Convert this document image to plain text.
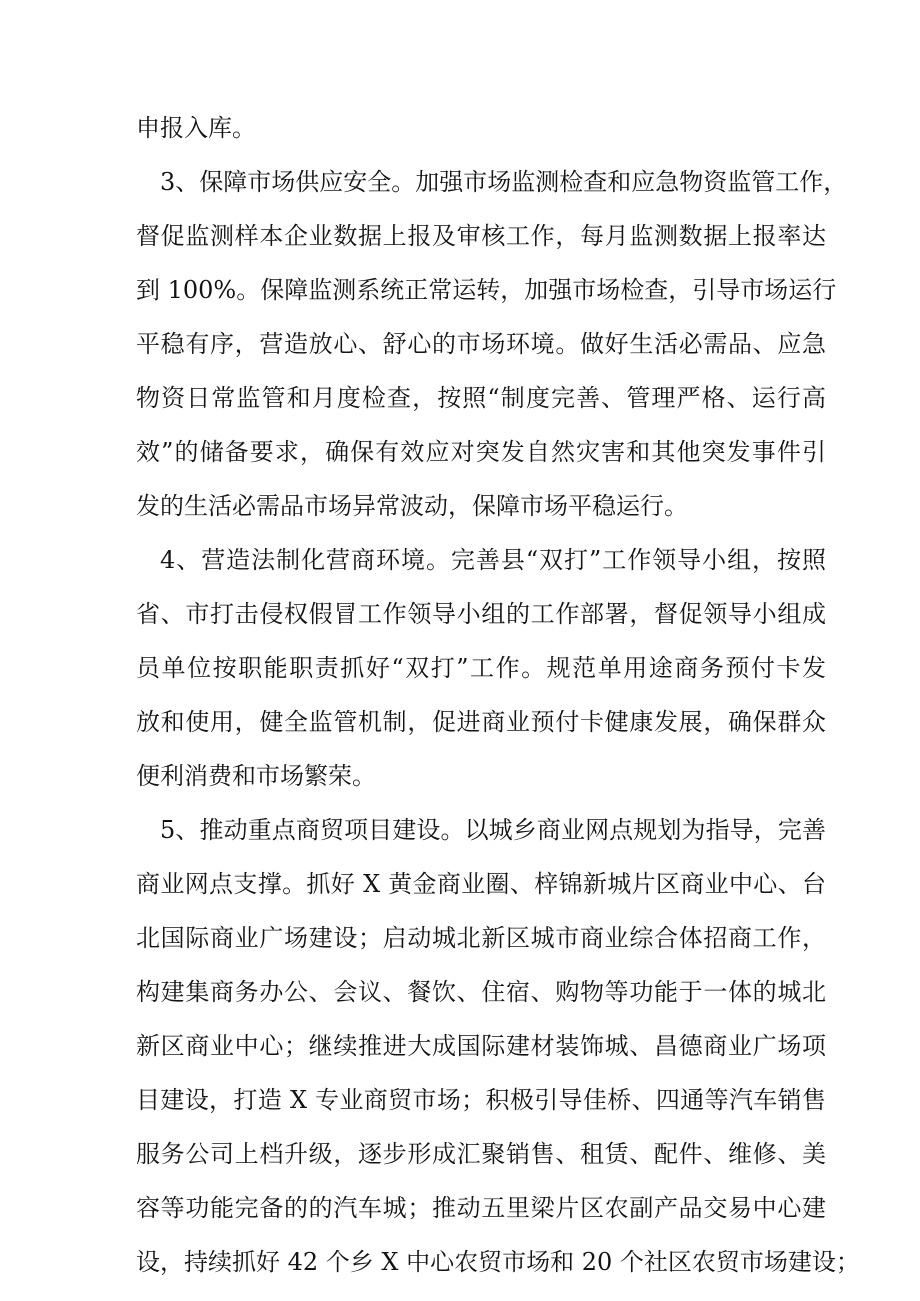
申报入库。

3、保障市场供应安全。加强市场监测检查和应急物资监管工作，

督促监测样本企业数据上报及审核工作，每月监测数据上报率达

到 100%。保障监测系统正常运转，加强市场检查，引导市场运行

平稳有序，营造放心、舒心的市场环境。做好生活必需品、应急

物资日常监管和月度检查，按照“制度完善、管理严格、运行高

效”的储备要求，确保有效应对突发自然灾害和其他突发事件引

发的生活必需品市场异常波动，保障市场平稳运行。

4、营造法制化营商环境。完善县“双打”工作领导小组，按照

省、市打击侵权假冒工作领导小组的工作部署，督促领导小组成

员单位按职能职责抓好“双打”工作。规范单用途商务预付卡发

放和使用，健全监管机制，促进商业预付卡健康发展，确保群众

便利消费和市场繁荣。

5、推动重点商贸项目建设。以城乡商业网点规划为指导，完善

商业网点支撑。抓好 X 黄金商业圈、梓锦新城片区商业中心、台

北国际商业广场建设；启动城北新区城市商业综合体招商工作，

构建集商务办公、会议、餐饮、住宿、购物等功能于一体的城北

新区商业中心；继续推进大成国际建材装饰城、昌德商业广场项

目建设，打造 X 专业商贸市场；积极引导佳桥、四通等汽车销售

服务公司上档升级，逐步形成汇聚销售、租赁、配件、维修、美

容等功能完备的的汽车城；推动五里梁片区农副产品交易中心建

设，持续抓好 42 个乡 X 中心农贸市场和 20 个社区农贸市场建设；
